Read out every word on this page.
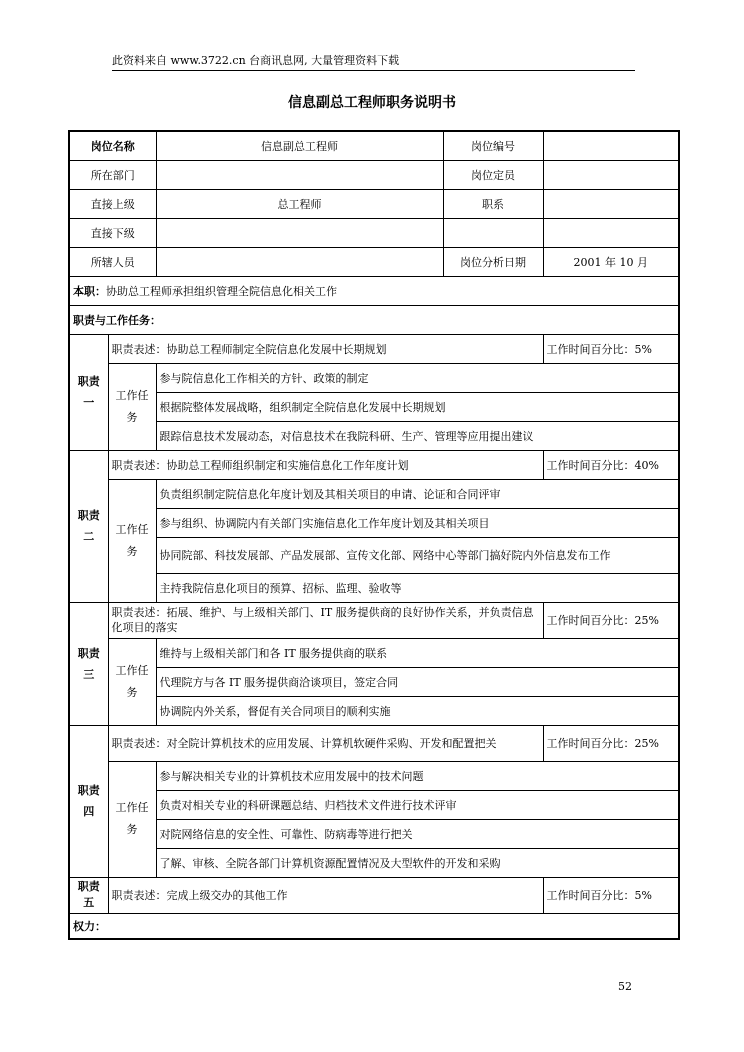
此资料来自 www.3722.cn 台商讯息网, 大量管理资料下载
信息副总工程师职务说明书
岗位名称		信息副总工程师	岗位编号	
所在部门			岗位定员	
直接上级		总工程师	职系	
直接下级				
所辖人员			岗位分析日期	2001 年 10 月
本职：协助总工程师承担组织管理全院信息化相关工作				
职责与工作任务：				
职责一	职责表述：协助总工程师制定全院信息化发展中长期规划			工作时间百分比：5%
	工作任务	参与院信息化工作相关的方针、政策的制定		
		根据院整体发展战略，组织制定全院信息化发展中长期规划		
		跟踪信息技术发展动态，对信息技术在我院科研、生产、管理等应用提出建议		
职责二	职责表述：协助总工程师组织制定和实施信息化工作年度计划			工作时间百分比：40%
	工作任务	负责组织制定院信息化年度计划及其相关项目的申请、论证和合同评审		
		参与组织、协调院内有关部门实施信息化工作年度计划及其相关项目		
		协同院部、科技发展部、产品发展部、宣传文化部、网络中心等部门搞好院内外信息发布工作		
		主持我院信息化项目的预算、招标、监理、验收等		
职责三	职责表述：拓展、维护、与上级相关部门、IT 服务提供商的良好协作关系，并负责信息化项目的落实			工作时间百分比：25%
	工作任务	维持与上级相关部门和各 IT 服务提供商的联系		
		代理院方与各 IT 服务提供商洽谈项目，签定合同		
		协调院内外关系，督促有关合同项目的顺利实施		
职责四	职责表述：对全院计算机技术的应用发展、计算机软硬件采购、开发和配置把关			工作时间百分比：25%
	工作任务	参与解决相关专业的计算机技术应用发展中的技术问题		
		负责对相关专业的科研课题总结、归档技术文件进行技术评审		
		对院网络信息的安全性、可靠性、防病毒等进行把关		
		了解、审核、全院各部门计算机资源配置情况及大型软件的开发和采购		
职责五	职责表述：完成上级交办的其他工作			工作时间百分比：5%
权力：				
52
